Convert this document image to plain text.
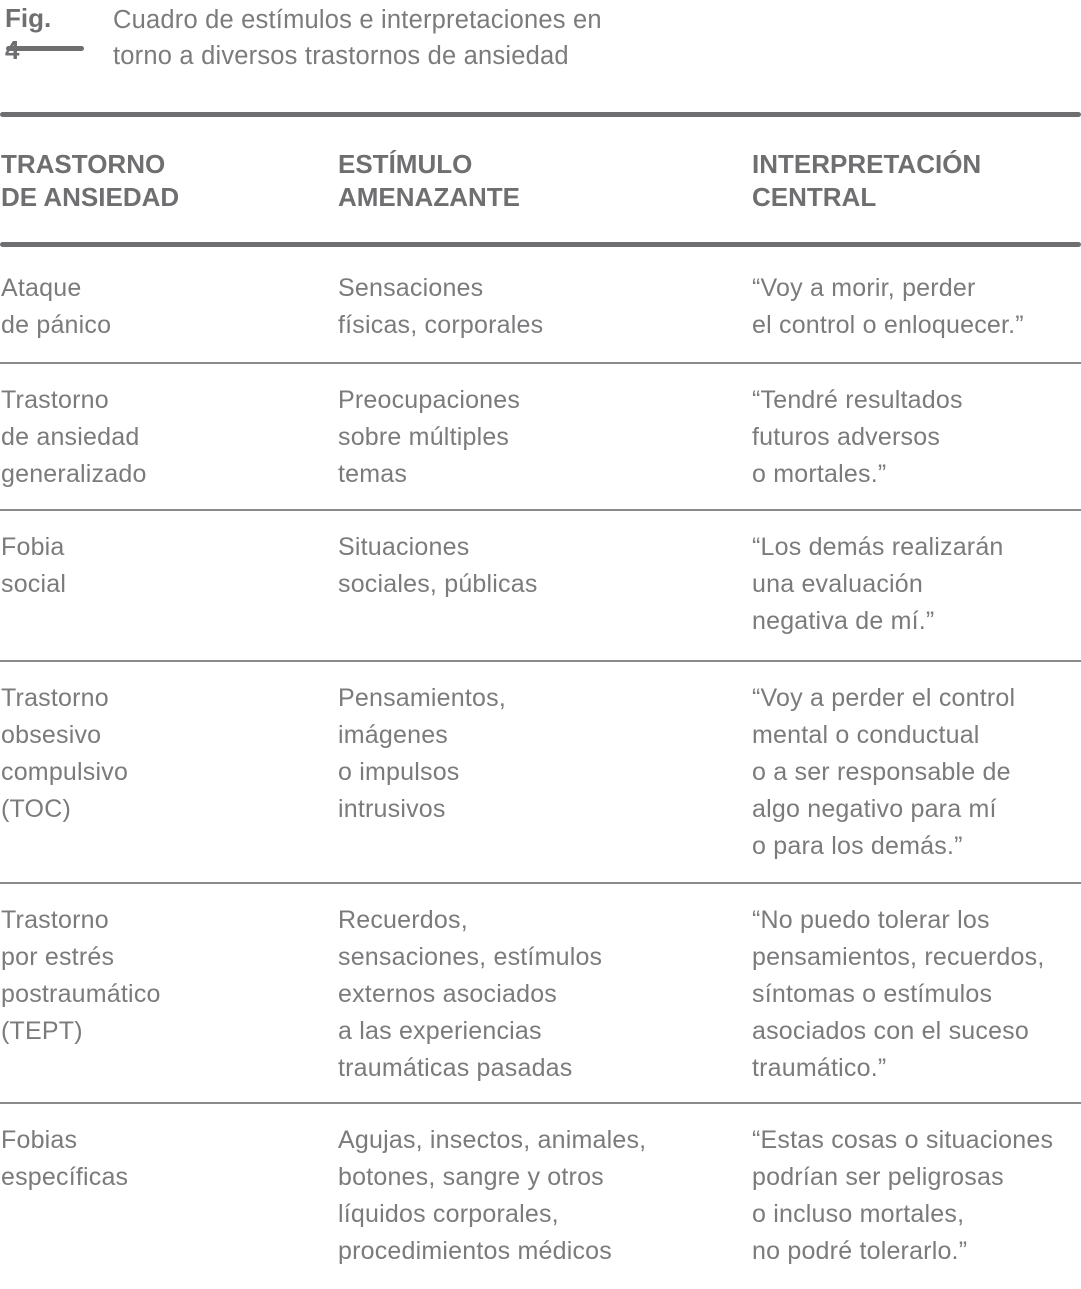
Fig. Cuadro de estímulos e interpretaciones en
torno a diversos trastornos de ansiedad
TRASTORNO
DE ANSIEDAD
ESTÍMULO
AMENAZANTE
INTERPRETACIÓN
CENTRAL
Ataque
de pánico
Sensaciones
físicas, corporales
“Voy a morir, perder
el control o enloquecer.”
Trastorno
de ansiedad
generalizado
Preocupaciones
sobre múltiples
temas
“Tendré resultados
futuros adversos
o mortales.”
Fobia
social
Situaciones
sociales, públicas
“Los demás realizarán
una evaluación
negativa de mí.”
Trastorno
obsesivo
compulsivo
(TOC)
Pensamientos,
imágenes
o impulsos
intrusivos
“Voy a perder el control
mental o conductual
o a ser responsable de
algo negativo para mí
o para los demás.”
Trastorno
por estrés
postraumático
(TEPT)
Recuerdos,
sensaciones, estímulos
externos asociados
a las experiencias
traumáticas pasadas
“No puedo tolerar los
pensamientos, recuerdos,
síntomas o estímulos
asociados con el suceso
traumático.”
Fobias
específicas
Agujas, insectos, animales,
botones, sangre y otros
líquidos corporales,
procedimientos médicos
“Estas cosas o situaciones
podrían ser peligrosas
o incluso mortales,
no podré tolerarlo.”
